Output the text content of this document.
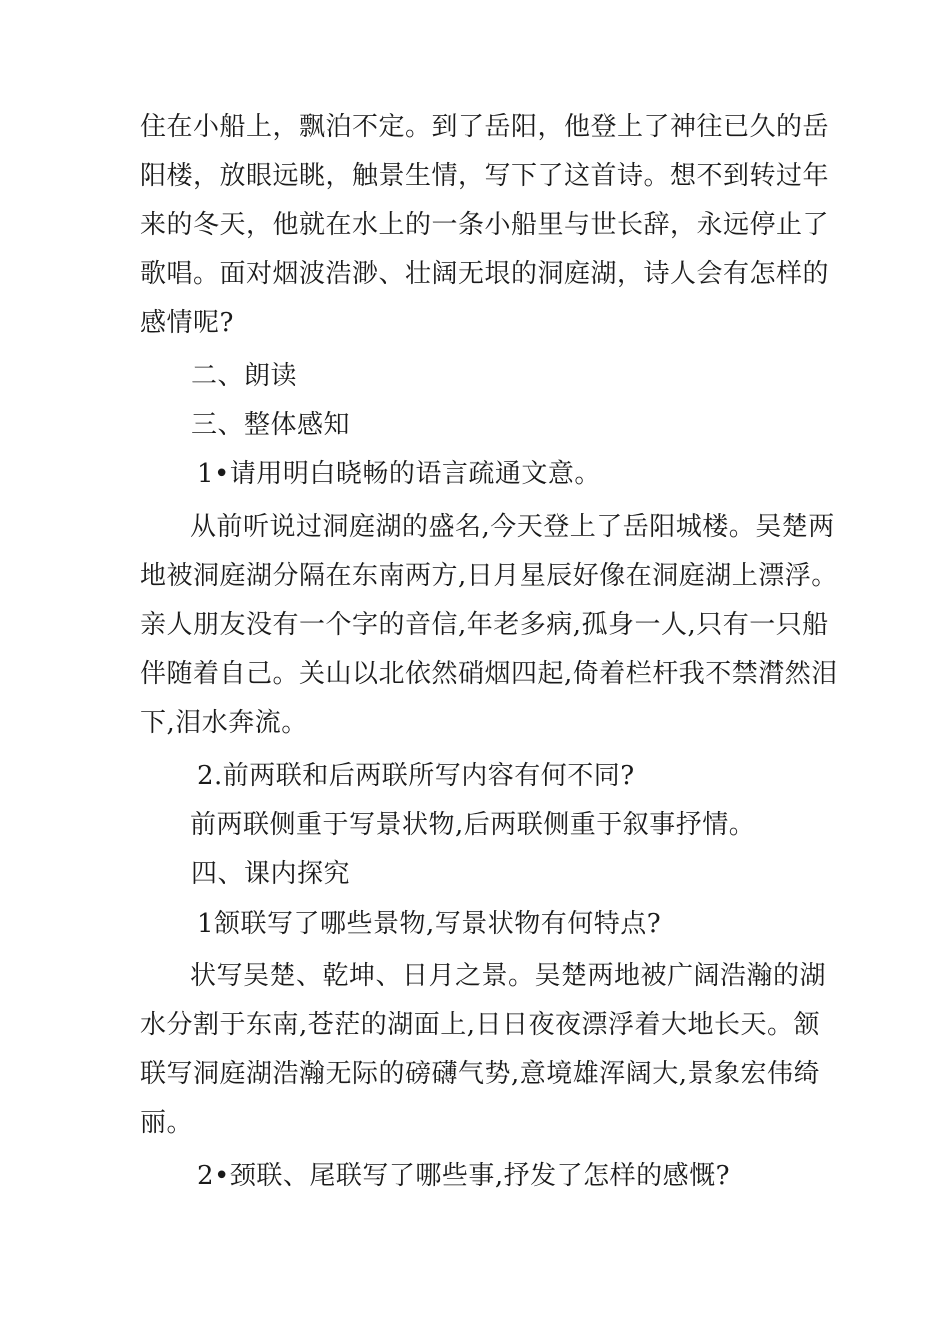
住在小船上，飘泊不定。到了岳阳，他登上了神往已久的岳
阳楼，放眼远眺，触景生情，写下了这首诗。想不到转过年
来的冬天，他就在水上的一条小船里与世长辞，永远停止了
歌唱。面对烟波浩渺、壮阔无垠的洞庭湖，诗人会有怎样的
感情呢?
二、朗读
三、整体感知
1•请用明白晓畅的语言疏通文意。
从前听说过洞庭湖的盛名,今天登上了岳阳城楼。吴楚两
地被洞庭湖分隔在东南两方,日月星辰好像在洞庭湖上漂浮。
亲人朋友没有一个字的音信,年老多病,孤身一人,只有一只船
伴随着自己。关山以北依然硝烟四起,倚着栏杆我不禁潸然泪
下,泪水奔流。
2.前两联和后两联所写内容有何不同?
前两联侧重于写景状物,后两联侧重于叙事抒情。
四、课内探究
1颔联写了哪些景物,写景状物有何特点?
状写吴楚、乾坤、日月之景。吴楚两地被广阔浩瀚的湖
水分割于东南,苍茫的湖面上,日日夜夜漂浮着大地长天。颔
联写洞庭湖浩瀚无际的磅礴气势,意境雄浑阔大,景象宏伟绮
丽。
2•颈联、尾联写了哪些事,抒发了怎样的感慨?
